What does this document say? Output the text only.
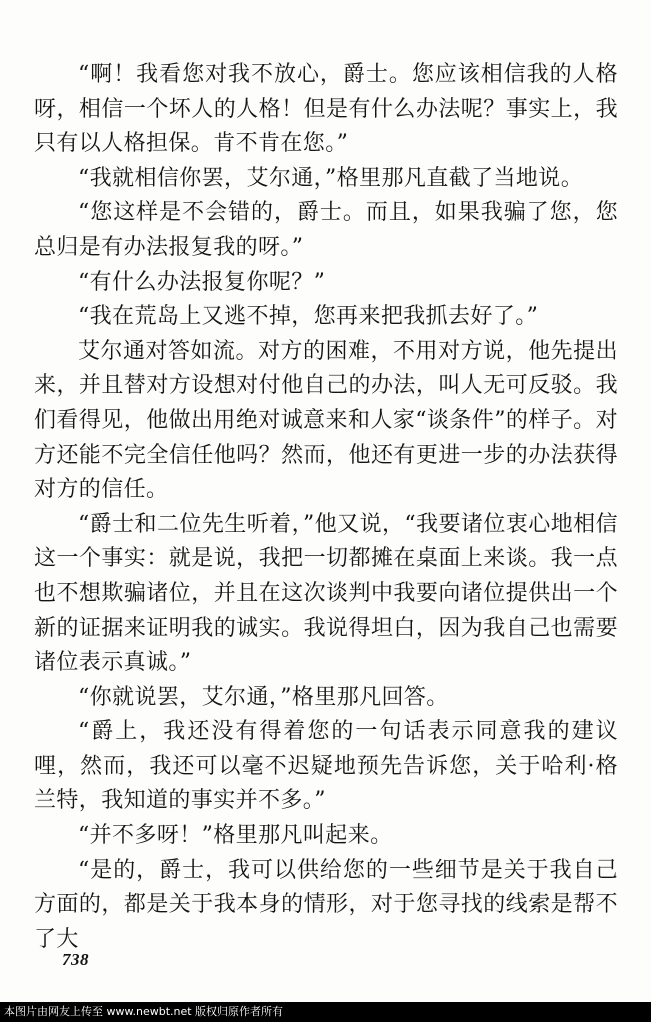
“啊！我看您对我不放心，爵士。您应该相信我的人格呀，相信一个坏人的人格！但是有什么办法呢？事实上，我只有以人格担保。肯不肯在您。”

“我就相信你罢，艾尔通，”格里那凡直截了当地说。

“您这样是不会错的，爵士。而且，如果我骗了您，您总归是有办法报复我的呀。”

“有什么办法报复你呢？”

“我在荒岛上又逃不掉，您再来把我抓去好了。”

艾尔通对答如流。对方的困难，不用对方说，他先提出来，并且替对方设想对付他自己的办法，叫人无可反驳。我们看得见，他做出用绝对诚意来和人家“谈条件”的样子。对方还能不完全信任他吗？然而，他还有更进一步的办法获得对方的信任。

“爵士和二位先生听着，”他又说，“我要诸位衷心地相信这一个事实：就是说，我把一切都摊在桌面上来谈。我一点也不想欺骗诸位，并且在这次谈判中我要向诸位提供出一个新的证据来证明我的诚实。我说得坦白，因为我自己也需要诸位表示真诚。”

“你就说罢，艾尔通，”格里那凡回答。

“爵上，我还没有得着您的一句话表示同意我的建议哩，然而，我还可以毫不迟疑地预先告诉您，关于哈利·格兰特，我知道的事实并不多。”

“并不多呀！”格里那凡叫起来。

“是的，爵士，我可以供给您的一些细节是关于我自己方面的，都是关于我本身的情形，对于您寻找的线索是帮不了大

738
本图片由网友上传至 www.newbt.net 版权归原作者所有
